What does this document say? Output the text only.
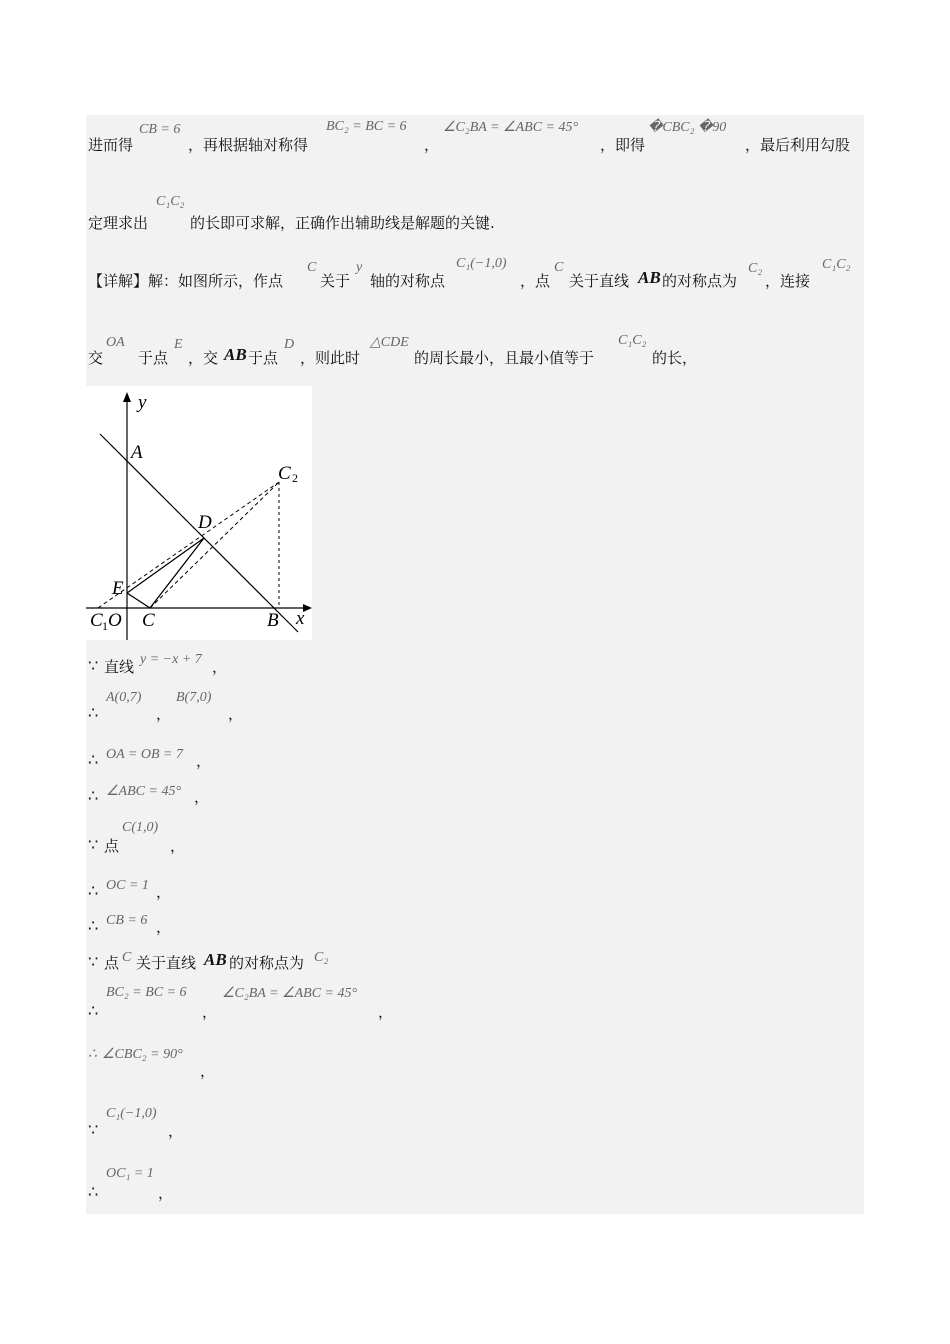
进而得
CB = 6
，再根据轴对称得
BC₂ = BC = 6
，
∠C₂BA = ∠ABC = 45°
，即得
�CBC₂ �90
，最后利用勾股
定理求出
C₁C₂
的长即可求解，正确作出辅助线是解题的关键.
【详解】解：如图所示，作点
C
关于
y
轴的对称点
C₁(−1,0)
，点
C
关于直线 AB 的对称点为
C₂
，连接
C₁C₂
交
OA
于点
E
，交 AB 于点
D
，则此时
△CDE
的周长最小，且最小值等于
C₁C₂
的长，
y
x
A
B
C
C 2
D
E
C 1 O
∵ 直线 y = −x + 7 ，
∴
A(0,7)
，
B(7,0)
，
∴ OA = OB = 7 ，
∴ ∠ABC = 45° ，
∵ 点
C(1,0)
，
∴ OC = 1 ，
∴ CB = 6 ，
∵ 点 C 关于直线 AB 的对称点为 C₂
∴
BC₂ = BC = 6
，
∠C₂BA = ∠ABC = 45°
，
∴ ∠CBC₂ = 90°
，
∵
C₁(−1,0)
，
∴
OC₁ = 1
，
